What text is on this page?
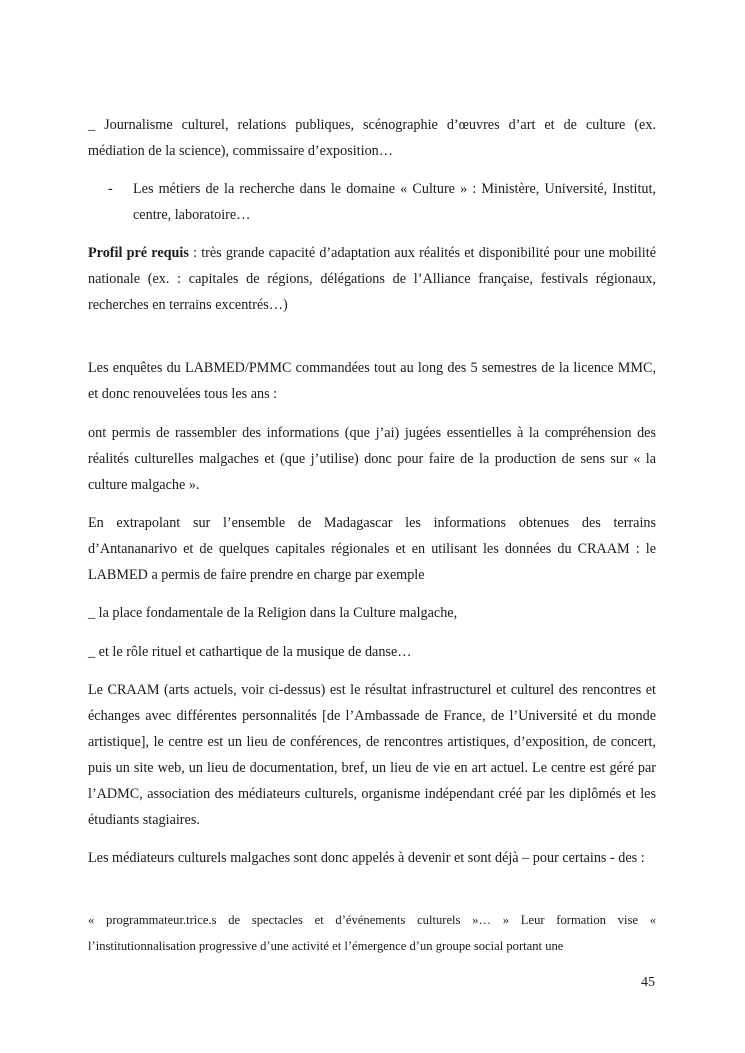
_ Journalisme culturel, relations publiques, scénographie d’œuvres d’art et de culture (ex. médiation de la science), commissaire d’exposition…
- Les métiers de la recherche dans le domaine « Culture » : Ministère, Université, Institut, centre, laboratoire…
Profil pré requis : très grande capacité d’adaptation aux réalités et disponibilité pour une mobilité nationale (ex. : capitales de régions, délégations de l’Alliance française, festivals régionaux, recherches en terrains excentrés…)
Les enquêtes du LABMED/PMMC commandées tout au long des 5 semestres de la licence MMC, et donc renouvelées tous les ans :
ont permis de rassembler des informations (que j’ai) jugées essentielles à la compréhension des réalités culturelles malgaches et (que j’utilise) donc pour faire de la production de sens sur « la culture malgache ».
En extrapolant sur l’ensemble de Madagascar les informations obtenues des terrains d’Antananarivo et de quelques capitales régionales et en utilisant les données du CRAAM : le LABMED a permis de faire prendre en charge par exemple
_ la place fondamentale de la Religion dans la Culture malgache,
_ et le rôle rituel et cathartique de la musique de danse…
Le CRAAM (arts actuels, voir ci-dessus) est le résultat infrastructurel et culturel des rencontres et échanges avec différentes personnalités [de l’Ambassade de France, de l’Université et du monde artistique], le centre est un lieu de conférences, de rencontres artistiques, d’exposition, de concert, puis un site web, un lieu de documentation, bref, un lieu de vie en art actuel. Le centre est géré par l’ADMC, association des médiateurs culturels, organisme indépendant créé par les diplômés et les étudiants stagiaires.
Les médiateurs culturels malgaches sont donc appelés à devenir et sont déjà – pour certains - des :
« programmateur.trice.s de spectacles et d’événements culturels »… » Leur formation vise « l’institutionnalisation progressive d’une activité et l’émergence d’un groupe social portant une
45
